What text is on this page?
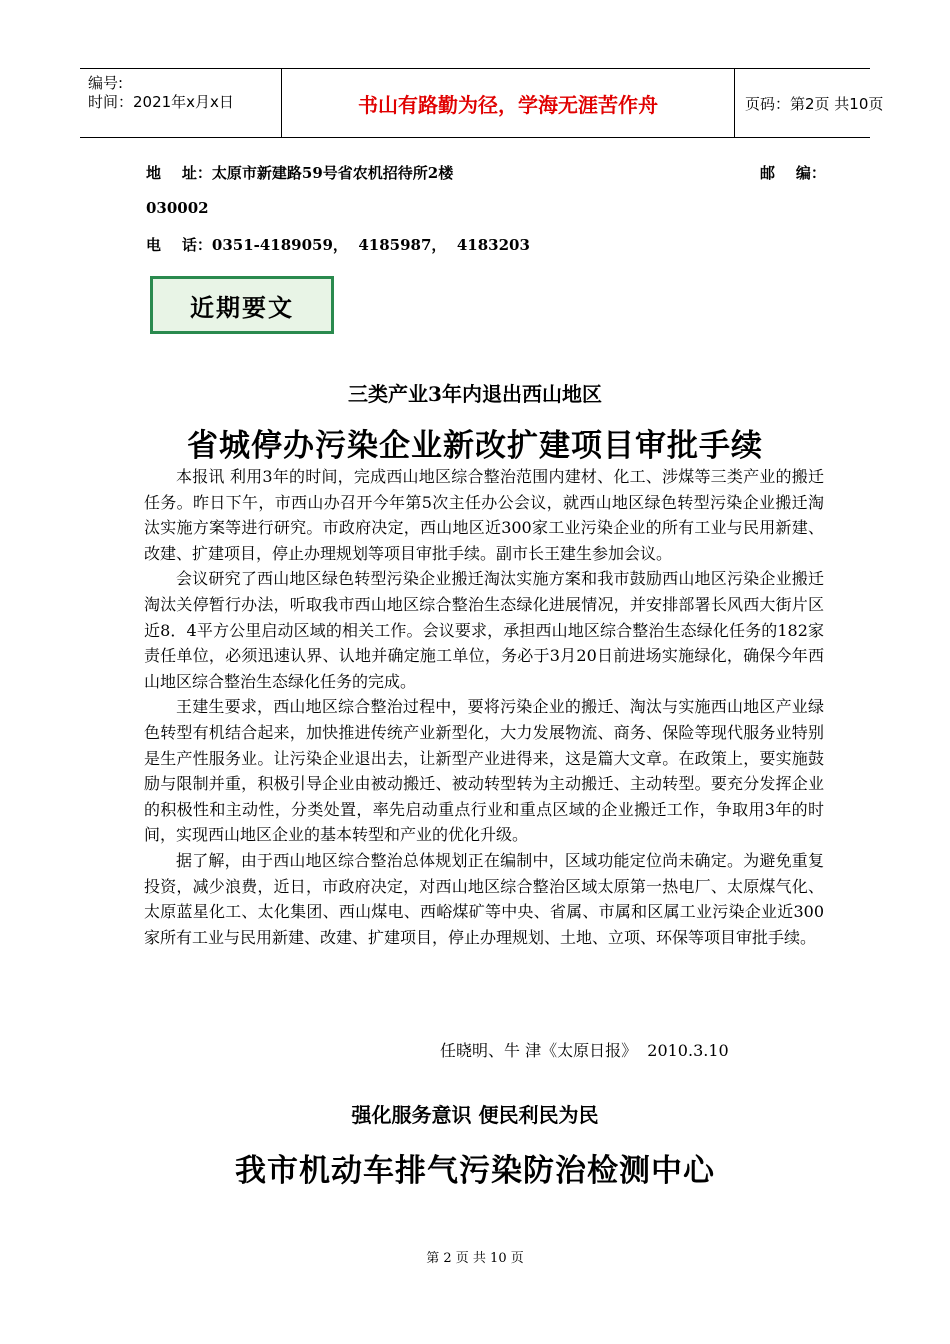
编号:
时间：2021年x月x日	书山有路勤为径，学海无涯苦作舟	页码：第2页 共10页
地    址：太原市新建路59号省农机招待所2楼	邮    编：
030002
电    话：0351-4189059，  4185987，  4183203
近期要文
三类产业3年内退出西山地区
省城停办污染企业新改扩建项目审批手续

本报讯 利用3年的时间，完成西山地区综合整治范围内建材、化工、涉煤等三类产业的搬迁任务。昨日下午，市西山办召开今年第5次主任办公会议，就西山地区绿色转型污染企业搬迁淘汰实施方案等进行研究。市政府决定，西山地区近300家工业污染企业的所有工业与民用新建、改建、扩建项目，停止办理规划等项目审批手续。副市长王建生参加会议。

会议研究了西山地区绿色转型污染企业搬迁淘汰实施方案和我市鼓励西山地区污染企业搬迁淘汰关停暂行办法，听取我市西山地区综合整治生态绿化进展情况，并安排部署长风西大街片区近8．4平方公里启动区域的相关工作。会议要求，承担西山地区综合整治生态绿化任务的182家责任单位，必须迅速认界、认地并确定施工单位，务必于3月20日前进场实施绿化，确保今年西山地区综合整治生态绿化任务的完成。

王建生要求，西山地区综合整治过程中，要将污染企业的搬迁、淘汰与实施西山地区产业绿色转型有机结合起来，加快推进传统产业新型化，大力发展物流、商务、保险等现代服务业特别是生产性服务业。让污染企业退出去，让新型产业进得来，这是篇大文章。在政策上，要实施鼓励与限制并重，积极引导企业由被动搬迁、被动转型转为主动搬迁、主动转型。要充分发挥企业的积极性和主动性，分类处置，率先启动重点行业和重点区域的企业搬迁工作，争取用3年的时间，实现西山地区企业的基本转型和产业的优化升级。

据了解，由于西山地区综合整治总体规划正在编制中，区域功能定位尚未确定。为避免重复投资，减少浪费，近日，市政府决定，对西山地区综合整治区域太原第一热电厂、太原煤气化、太原蓝星化工、太化集团、西山煤电、西峪煤矿等中央、省属、市属和区属工业污染企业近300家所有工业与民用新建、改建、扩建项目，停止办理规划、土地、立项、环保等项目审批手续。

任晓明、牛 津《太原日报》  2010.3.10
强化服务意识 便民利民为民
我市机动车排气污染防治检测中心
第 2 页 共 10 页
